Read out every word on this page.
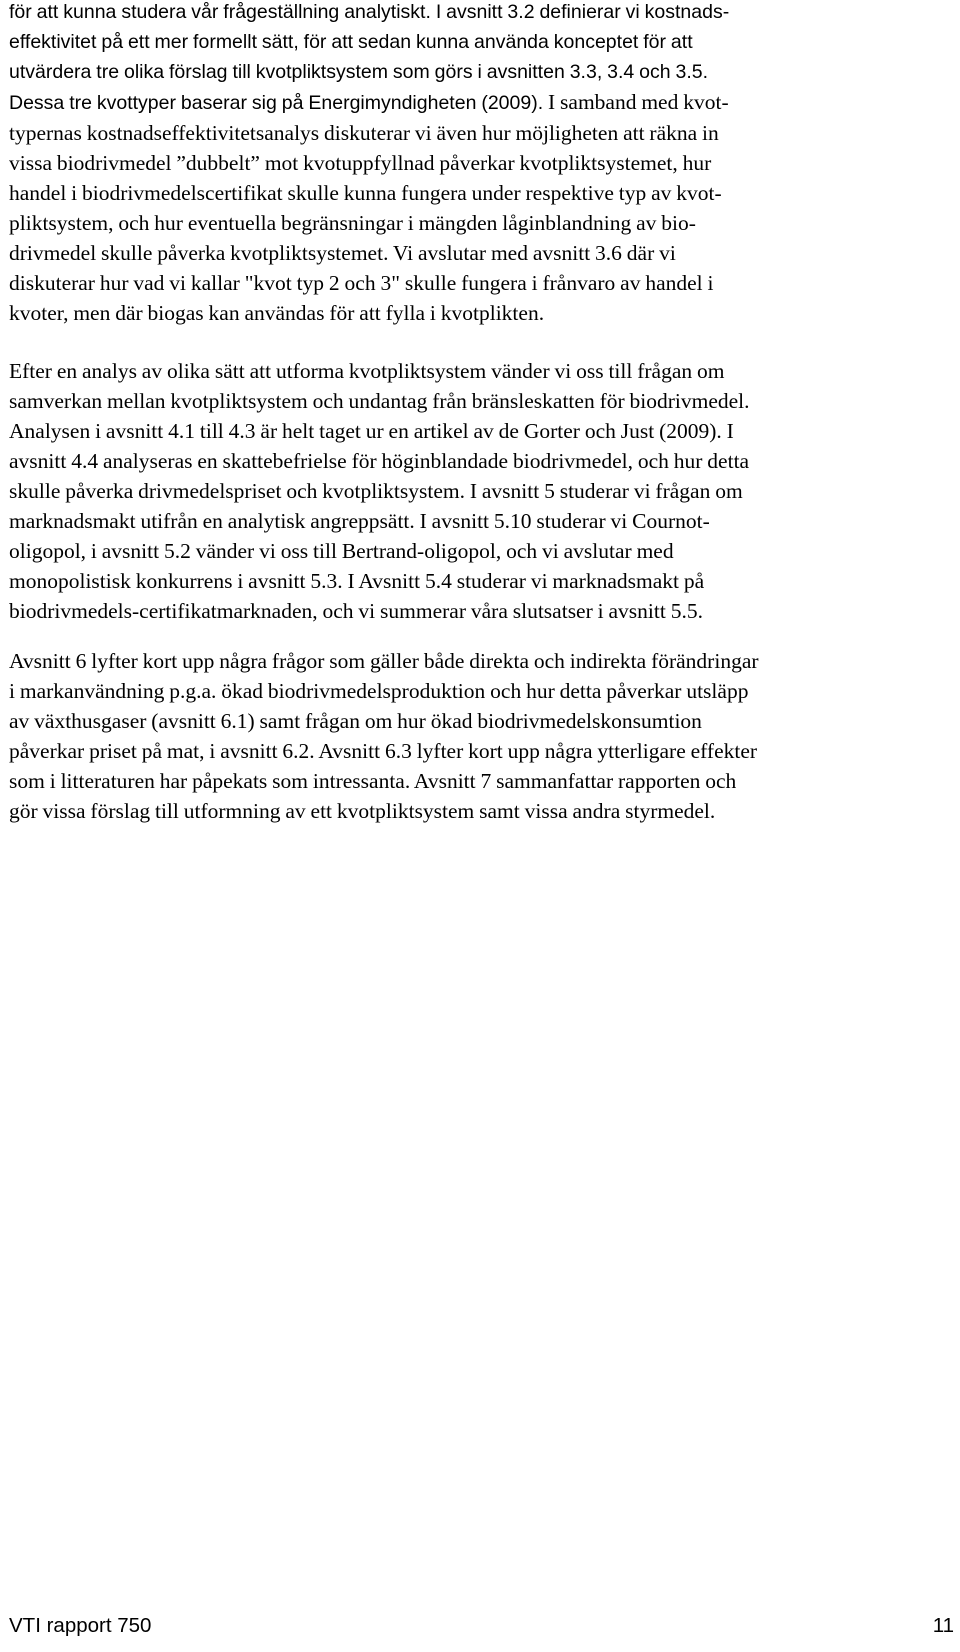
för att kunna studera vår frågeställning analytiskt. I avsnitt 3.2 definierar vi kostnads-
effektivitet på ett mer formellt sätt, för att sedan kunna använda konceptet för att
utvärdera tre olika förslag till kvotpliktsystem som görs i avsnitten 3.3, 3.4 och 3.5.
Dessa tre kvottyper baserar sig på Energimyndigheten (2009). I samband med kvot-
typernas kostnadseffektivitetsanalys diskuterar vi även hur möjligheten att räkna in
vissa biodrivmedel ”dubbelt” mot kvotuppfyllnad påverkar kvotpliktsystemet, hur
handel i biodrivmedelscertifikat skulle kunna fungera under respektive typ av kvot-
pliktsystem, och hur eventuella begränsningar i mängden låginblandning av bio-
drivmedel skulle påverka kvotpliktsystemet. Vi avslutar med avsnitt 3.6 där vi
diskuterar hur vad vi kallar "kvot typ 2 och 3" skulle fungera i frånvaro av handel i
kvoter, men där biogas kan användas för att fylla i kvotplikten.

Efter en analys av olika sätt att utforma kvotpliktsystem vänder vi oss till frågan om
samverkan mellan kvotpliktsystem och undantag från bränsleskatten för biodrivmedel.
Analysen i avsnitt 4.1 till 4.3 är helt taget ur en artikel av de Gorter och Just (2009). I
avsnitt 4.4 analyseras en skattebefrielse för höginblandade biodrivmedel, och hur detta
skulle påverka drivmedelspriset och kvotpliktsystem. I avsnitt 5 studerar vi frågan om
marknadsmakt utifrån en analytisk angreppsätt. I avsnitt 5.10 studerar vi Cournot-
oligopol, i avsnitt 5.2 vänder vi oss till Bertrand-oligopol, och vi avslutar med
monopolistisk konkurrens i avsnitt 5.3. I Avsnitt 5.4 studerar vi marknadsmakt på
biodrivmedels-certifikatmarknaden, och vi summerar våra slutsatser i avsnitt 5.5.

Avsnitt 6 lyfter kort upp några frågor som gäller både direkta och indirekta förändringar
i markanvändning p.g.a. ökad biodrivmedelsproduktion och hur detta påverkar utsläpp
av växthusgaser (avsnitt 6.1) samt frågan om hur ökad biodrivmedelskonsumtion
påverkar priset på mat, i avsnitt 6.2. Avsnitt 6.3 lyfter kort upp några ytterligare effekter
som i litteraturen har påpekats som intressanta. Avsnitt 7 sammanfattar rapporten och
gör vissa förslag till utformning av ett kvotpliktsystem samt vissa andra styrmedel.

VTI rapport 750	11
